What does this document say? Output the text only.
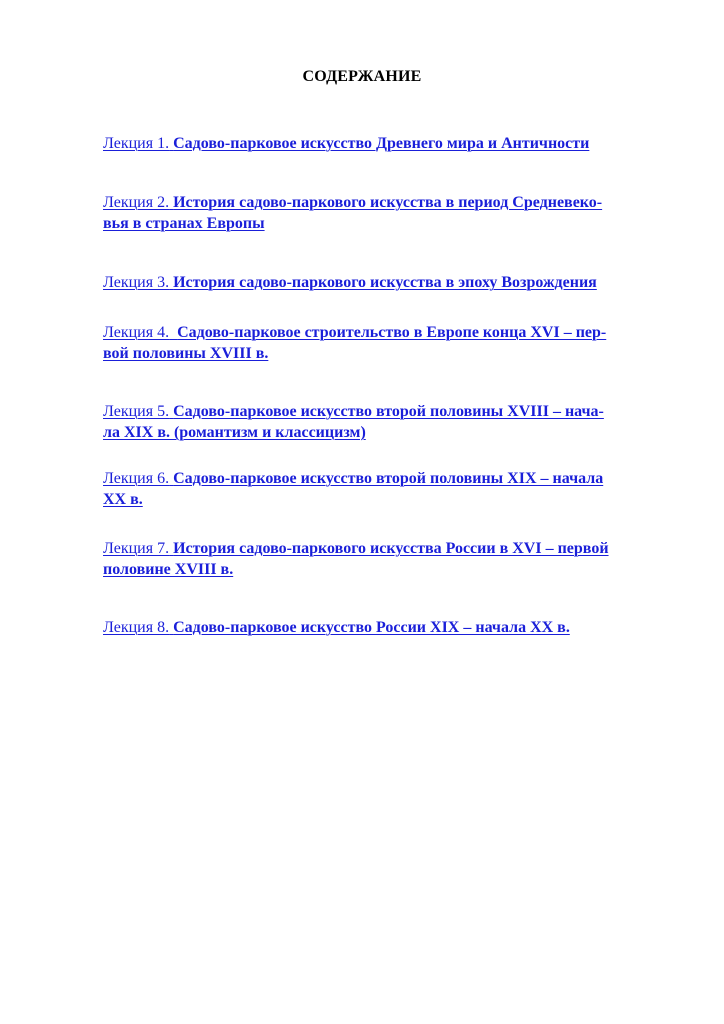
СОДЕРЖАНИЕ
Лекция 1. Садово-парковое искусство Древнего мира и Античности
Лекция 2. История садово-паркового искусства в период Средневеко-
вья в странах Европы
Лекция 3. История садово-паркового искусства в эпоху Возрождения
Лекция 4. Садово-парковое строительство в Европе конца XVI – пер-
вой половины XVIII в.
Лекция 5. Садово-парковое искусство второй половины XVIII – нача-
ла XIX в. (романтизм и классицизм)
Лекция 6. Садово-парковое искусство второй половины XIX – начала
XX в.
Лекция 7. История садово-паркового искусства России в XVI – первой
половине XVIII в.
Лекция 8. Садово-парковое искусство России XIX – начала XX в.
